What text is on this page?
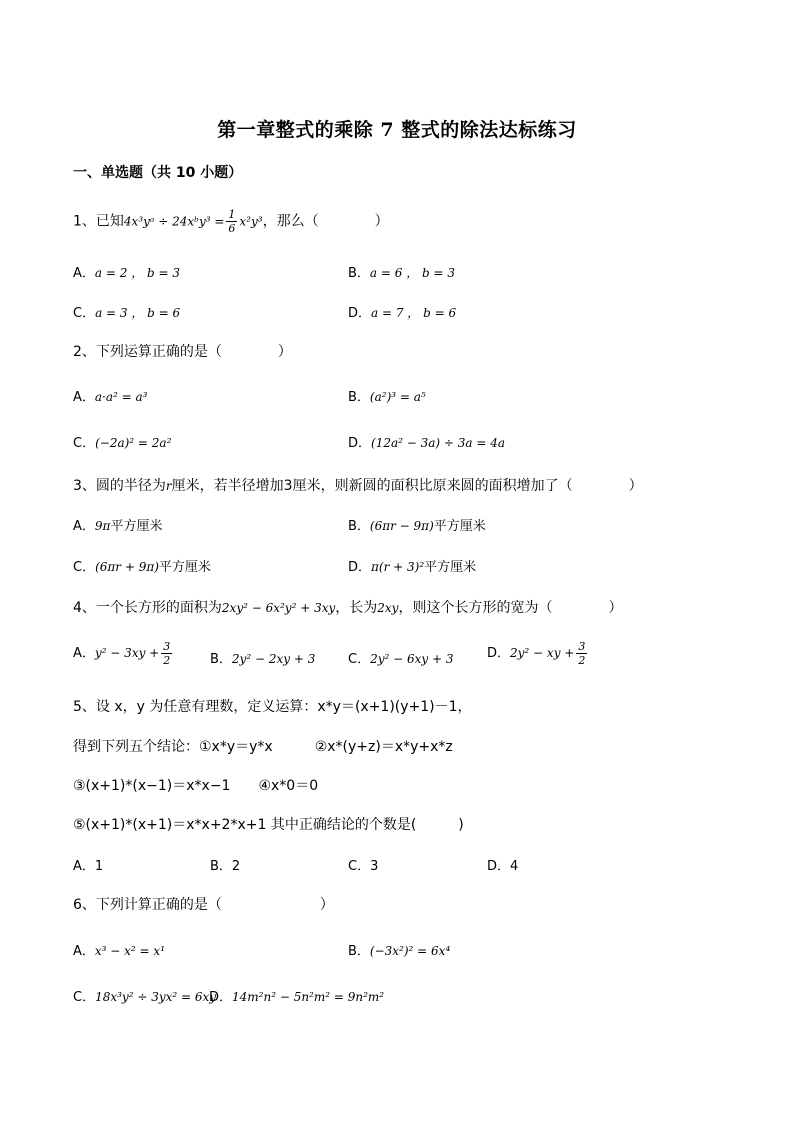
第一章整式的乘除 7 整式的除法达标练习
一、单选题（共 10 小题）
1、已知4x³yᵃ ÷ 24xᵇy³ = $\frac{1}{6} x^2y^3$，那么（　　　　）
A．a = 2 ， b = 3	B．a = 6 ， b = 3
C．a = 3 ， b = 6	D．a = 7 ， b = 6
2、下列运算正确的是（　　　　）
A．a·a² = a³	B．(a²)³ = a⁵
C．(−2a)² = 2a²	D．(12a² − 3a) ÷ 3a = 4a
3、圆的半径为r厘米，若半径增加3厘米，则新圆的面积比原来圆的面积增加了（　　　　）
A．9π平方厘米	B．(6πr − 9π)平方厘米
C．(6πr + 9π)平方厘米	D．π(r + 3)²平方厘米
4、一个长方形的面积为2xy² − 6x²y² + 3xy，长为2xy，则这个长方形的宽为（　　　　）
A．$y^2 - 3xy + \frac{3}{2}$	B．2y² − 2xy + 3	C．2y² − 6xy + 3	D．2y² − xy + $\frac{3}{2}$
5、设 x，y 为任意有理数，定义运算：x*y＝(x+1)(y+1)－1，
得到下列五个结论：①x*y＝y*x　　　②x*(y+z)＝x*y+x*z
③(x+1)*(x−1)＝x*x−1　　④x*0＝0
⑤(x+1)*(x+1)＝x*x+2*x+1 其中正确结论的个数是(　　　)
A．1	B．2	C．3	D．4
6、下列计算正确的是（　　　　　　　）
A．x³ − x² = x¹	B．(−3x²)² = 6x⁴
C．18x³y² ÷ 3yx² = 6xy
D．14m²n² − 5n²m² = 9n²m²
